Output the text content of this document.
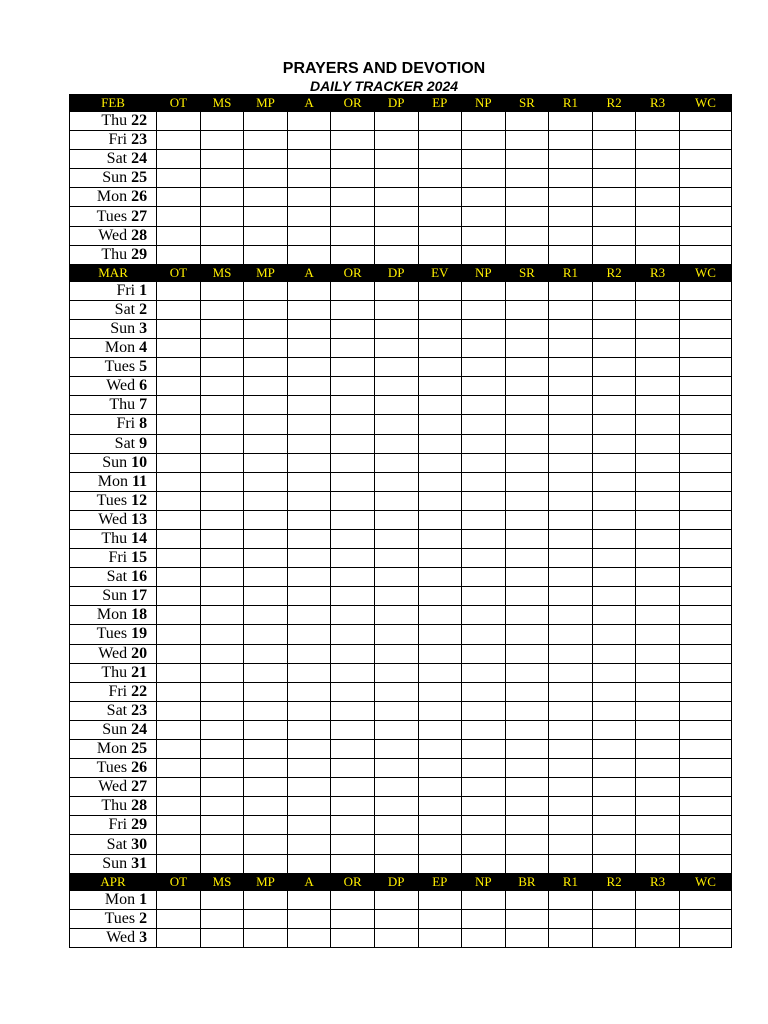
PRAYERS AND DEVOTION
DAILY TRACKER 2024
FEB	OT	MS	MP	A	OR	DP	EP	NP	SR	R1	R2	R3	WC
Thu 22													
Fri 23													
Sat 24													
Sun 25													
Mon 26													
Tues 27													
Wed 28													
Thu 29													
MAR	OT	MS	MP	A	OR	DP	EV	NP	SR	R1	R2	R3	WC
Fri 1													
Sat 2													
Sun 3													
Mon 4													
Tues 5													
Wed 6													
Thu 7													
Fri 8													
Sat 9													
Sun 10													
Mon 11													
Tues 12													
Wed 13													
Thu 14													
Fri 15													
Sat 16													
Sun 17													
Mon 18													
Tues 19													
Wed 20													
Thu 21													
Fri 22													
Sat 23													
Sun 24													
Mon 25													
Tues 26													
Wed 27													
Thu 28													
Fri 29													
Sat 30													
Sun 31													
APR	OT	MS	MP	A	OR	DP	EP	NP	BR	R1	R2	R3	WC
Mon 1													
Tues 2													
Wed 3													
